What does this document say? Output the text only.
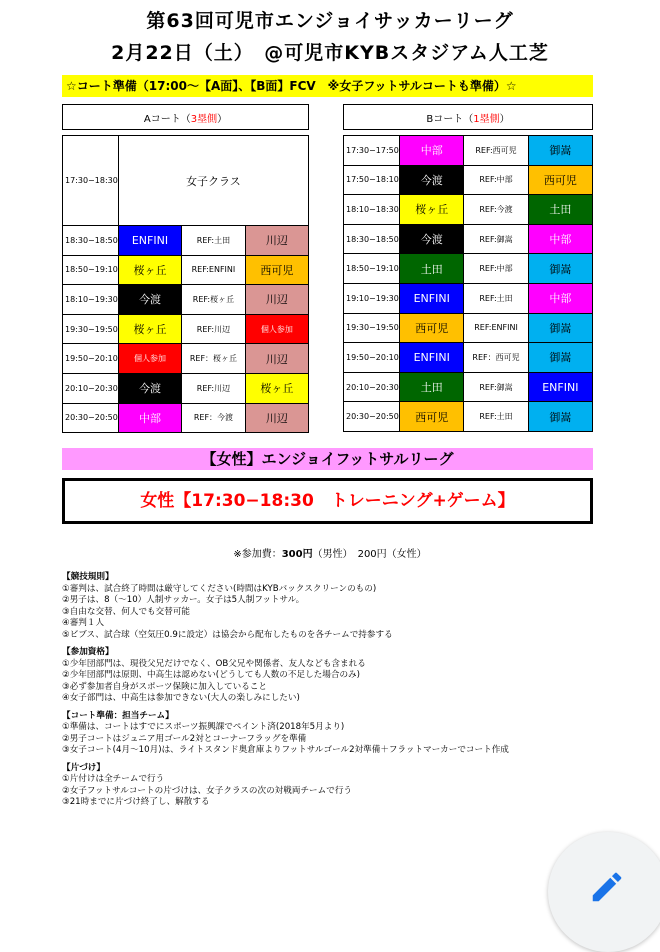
第63回可児市エンジョイサッカーリーグ
2月22日（土）　@可児市KYBスタジアム人工芝
☆コート準備（17:00～【A面】、【B面】FCV　※女子フットサルコートも準備）☆
Aコート（3塁側）			

17:30−18:30	女子クラス		
18:30−18:50	ENFINI	REF:土田	川辺
18:50−19:10	桜ヶ丘	REF:ENFINI	西可児
18:10−19:30	今渡	REF:桜ヶ丘	川辺
19:30−19:50	桜ヶ丘	REF:川辺	個人参加
19:50−20:10	個人参加	REF：桜ヶ丘	川辺
20:10−20:30	今渡	REF:川辺	桜ヶ丘
20:30−20:50	中部	REF：今渡	川辺
Bコート（1塁側）			

17:30−17:50	中部	REF:西可児	御嵩
17:50−18:10	今渡	REF:中部	西可児
18:10−18:30	桜ヶ丘	REF:今渡	土田
18:30−18:50	今渡	REF:御嵩	中部
18:50−19:10	土田	REF:中部	御嵩
19:10−19:30	ENFINI	REF:土田	中部
19:30−19:50	西可児	REF:ENFINI	御嵩
19:50−20:10	ENFINI	REF：西可児	御嵩
20:10−20:30	土田	REF:御嵩	ENFINI
20:30−20:50	西可児	REF:土田	御嵩
【女性】エンジョイフットサルリーグ
女性【17:30−18:30　トレーニング+ゲーム】
※参加費：300円（男性）　200円（女性）
【競技規則】
①審判は、試合終了時間は厳守してください(時間はKYBバックスクリーンのもの)
②男子は、8（〜10）人制サッカー。女子は5人制フットサル。
③自由な交替、何人でも交替可能
④審判１人
⑤ビブス、試合球（空気圧0.9に設定）は協会から配布したものを各チームで持参する
【参加資格】
①少年団部門は、現役父兄だけでなく、OB父兄や関係者、友人なども含まれる
②少年団部門は原則、中高生は認めない(どうしても人数の不足した場合のみ)
③必ず参加者自身がスポーツ保険に加入していること
④女子部門は、中高生は参加できない(大人の楽しみにしたい)
【コート準備：担当チーム】
①準備は、コートはすでにスポーツ振興課でペイント済(2018年5月より)
②男子コートはジュニア用ゴール2対とコーナーフラッグを準備
③女子コート(4月〜10月)は、ライトスタンド奥倉庫よりフットサルゴール2対準備＋フラットマーカーでコート作成
【片づけ】
①片付けは全チームで行う
②女子フットサルコートの片づけは、女子クラスの次の対戦両チームで行う
③21時までに片づけ終了し、解散する
